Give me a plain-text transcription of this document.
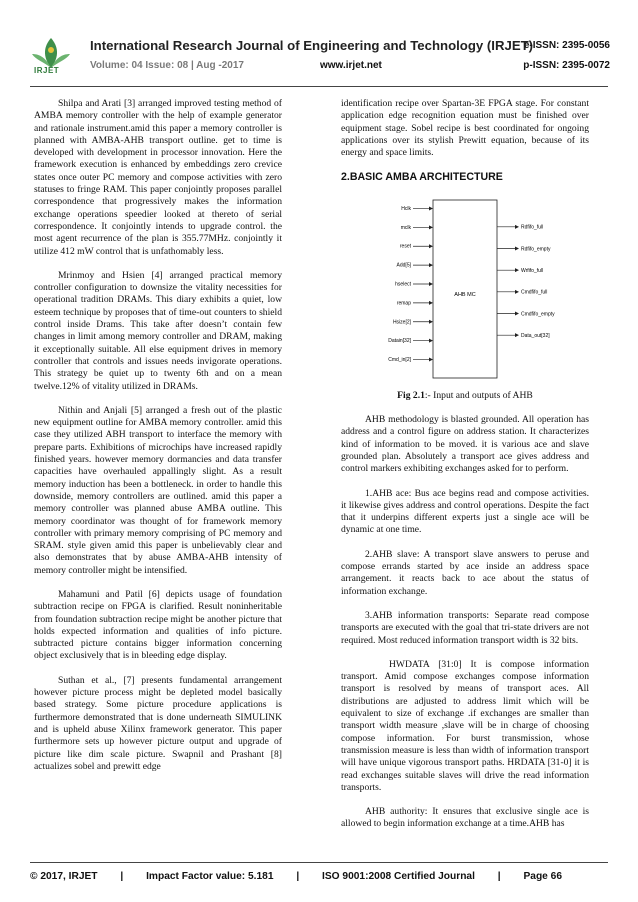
IRJET
International Research Journal of Engineering and Technology (IRJET)
e-ISSN: 2395-0056
Volume: 04 Issue: 08 | Aug -2017	www.irjet.net	p-ISSN: 2395-0072

Shilpa and Arati [3] arranged improved testing method of AMBA memory controller with the help of example generator and rationale instrument.amid this paper a memory controller is planned with AMBA-AHB transport outline. get to time is developed with development in processor innovation. Here the framework execution is enhanced by embeddings zero crevice states once outer PC memory and compose activities with zero statuses to fringe RAM. This paper conjointly proposes parallel correspondence that progressively makes the information exchange operations speedier looked at thereto of serial correspondence. It conjointly intends to upgrade control. the most agent recurrence of the plan is 355.77MHz. conjointly it utilize 412 mW control that is unfathomably less.

Mrinmoy and Hsien [4] arranged practical memory controller configuration to downsize the vitality necessities for operational tradition DRAMs. This diary exhibits a quiet, low esteem technique by proposes that of time-out counters to shield control inside Drams. This take after doesn’t contain few changes in limit among memory controller and DRAM, making it exceptionally suitable. All else equipment drives in memory controller that controls and issues needs invigorate operations. This strategy be quiet up to twenty 6th and on a mean twelve.12% of vitality utilized in DRAMs.

Nithin and Anjali [5] arranged a fresh out of the plastic new equipment outline for AMBA memory controller. amid this case they utilized ABH transport to interface the memory with prepare parts. Exhibitions of microchips have increased rapidly finished years. however memory dormancies and data transfer capacities have overhauled appallingly slight. As a result memory induction has been a bottleneck. in order to handle this downside, memory controllers are outlined. amid this paper a memory controller was planned abuse AMBA outline. This memory coordinator was thought of for framework memory controller with primary memory comprising of PC memory and SRAM. style given amid this paper is unbelievably clear and also demonstrates that by abuse AMBA-AHB intensity of memory controller might be intensified.

Mahamuni and Patil [6] depicts usage of foundation subtraction recipe on FPGA is clarified. Result noninheritable from foundation subtraction recipe might be another picture that holds expected information and qualities of info picture. subtracted picture contains bigger information concerning object exclusively that is in bleeding edge display.

Suthan et al., [7] presents fundamental arrangement however picture process might be depleted model basically based strategy. Some picture procedure applications is furthermore demonstrated that is done underneath SIMULINK and is upheld abuse Xilinx framework generator. This paper furthermore sets up however picture output and upgrade of picture like dim scale picture. Swapnil and Prashant [8] actualizes sobel and prewitt edge

identification recipe over Spartan-3E FPGA stage. For constant application edge recognition equation must be finished over equipment stage. Sobel recipe is best coordinated for ongoing applications over its stylish Prewitt equation, because of its energy and space limits.

2.BASIC AMBA ARCHITECTURE
AHB MC
Hclk
mclk
reset
Add[5]
hselect
remap
Hsize[2]
Datain[32]
Cmd_in[2]
Rdfifo_full
Rdfifo_empty
Wrfifo_full
Cmdfifo_full
Cmdfifo_empty
Data_out[32]
Fig 2.1:- Input and outputs of AHB

AHB methodology is blasted grounded. All operation has address and a control figure on address station. It characterizes kind of information to be moved. it is various ace and slave grounded plan. Absolutely a transport ace gives address and control markers exhibiting exchanges asked for to perform.

1.AHB ace: Bus ace begins read and compose activities. it likewise gives address and control operations. Despite the fact that it underpins different experts just a single ace will be dynamic at one time.

2.AHB slave: A transport slave answers to peruse and compose errands started by ace inside an address space arrangement. it reacts back to ace about the status of information exchange.

3.AHB information transports: Separate read compose transports are executed with the goal that tri-state drivers are not required. Most reduced information transport width is 32 bits.

HWDATA [31:0] It is compose information transport. Amid compose exchanges compose information transport is resolved by means of transport aces. All distributions are adjusted to address limit which will be equivalent to size of exchange .if exchanges are smaller than transport width measure ,slave will be in charge of choosing compose information. For burst transmission, whose transmission measure is less than width of information transport will have unique vigorous transport paths. HRDATA [31-0] it is read exchanges suitable slaves will drive the read information transports.

AHB authority: It ensures that exclusive single ace is allowed to begin information exchange at a time.AHB has

© 2017, IRJET | Impact Factor value: 5.181 | ISO 9001:2008 Certified Journal | Page 66
